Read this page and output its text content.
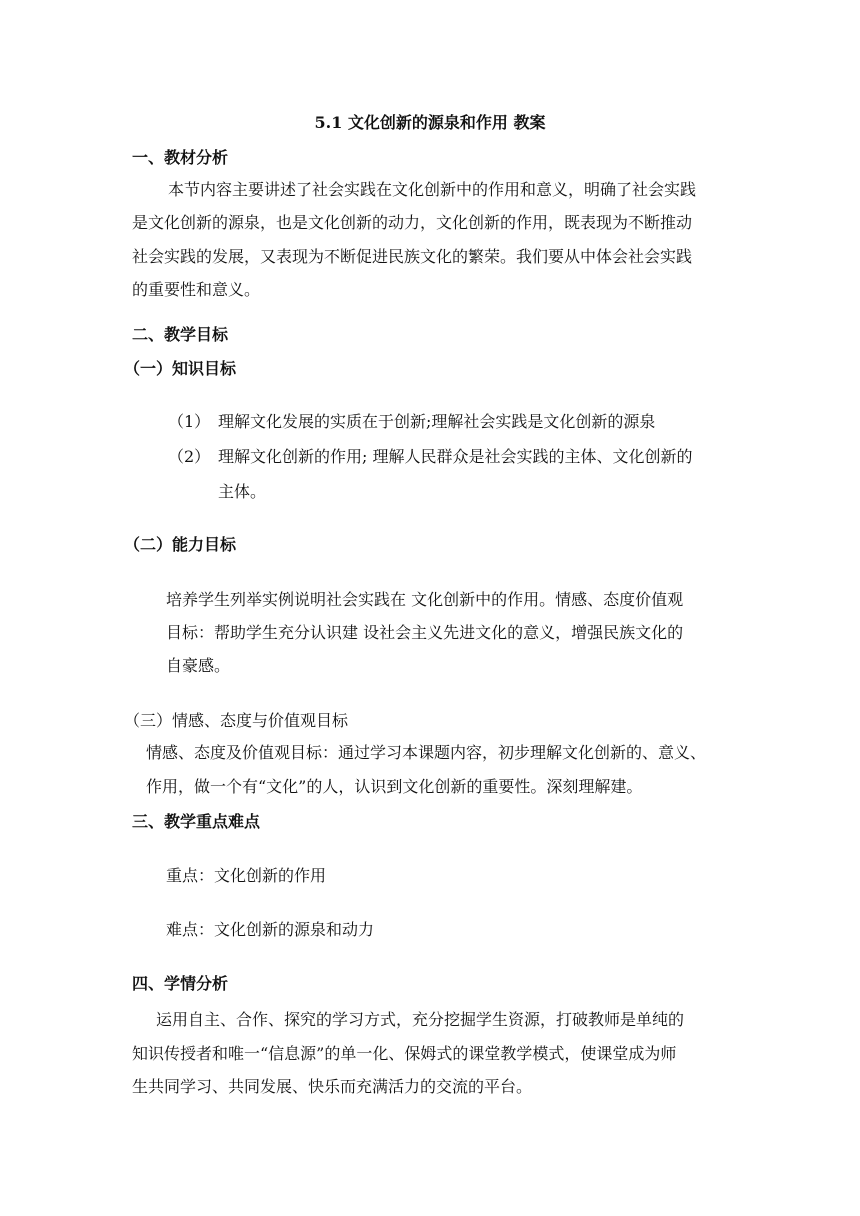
5.1 文化创新的源泉和作用 教案
一、教材分析
本节内容主要讲述了社会实践在文化创新中的作用和意义，明确了社会实践
是文化创新的源泉，也是文化创新的动力，文化创新的作用，既表现为不断推动
社会实践的发展，又表现为不断促进民族文化的繁荣。我们要从中体会社会实践
的重要性和意义。
二、教学目标
（一）知识目标
（1） 理解文化发展的实质在于创新;理解社会实践是文化创新的源泉
（2） 理解文化创新的作用; 理解人民群众是社会实践的主体、文化创新的
主体。
（二）能力目标
培养学生列举实例说明社会实践在 文化创新中的作用。情感、态度价值观
目标：帮助学生充分认识建 设社会主义先进文化的意义，增强民族文化的
自豪感。
（三）情感、态度与价值观目标
情感、态度及价值观目标：通过学习本课题内容，初步理解文化创新的、意义、
作用，做一个有“文化”的人，认识到文化创新的重要性。深刻理解建。
三、教学重点难点
重点：文化创新的作用
难点：文化创新的源泉和动力
四、学情分析
运用自主、合作、探究的学习方式，充分挖掘学生资源，打破教师是单纯的
知识传授者和唯一“信息源”的单一化、保姆式的课堂教学模式，使课堂成为师
生共同学习、共同发展、快乐而充满活力的交流的平台。
